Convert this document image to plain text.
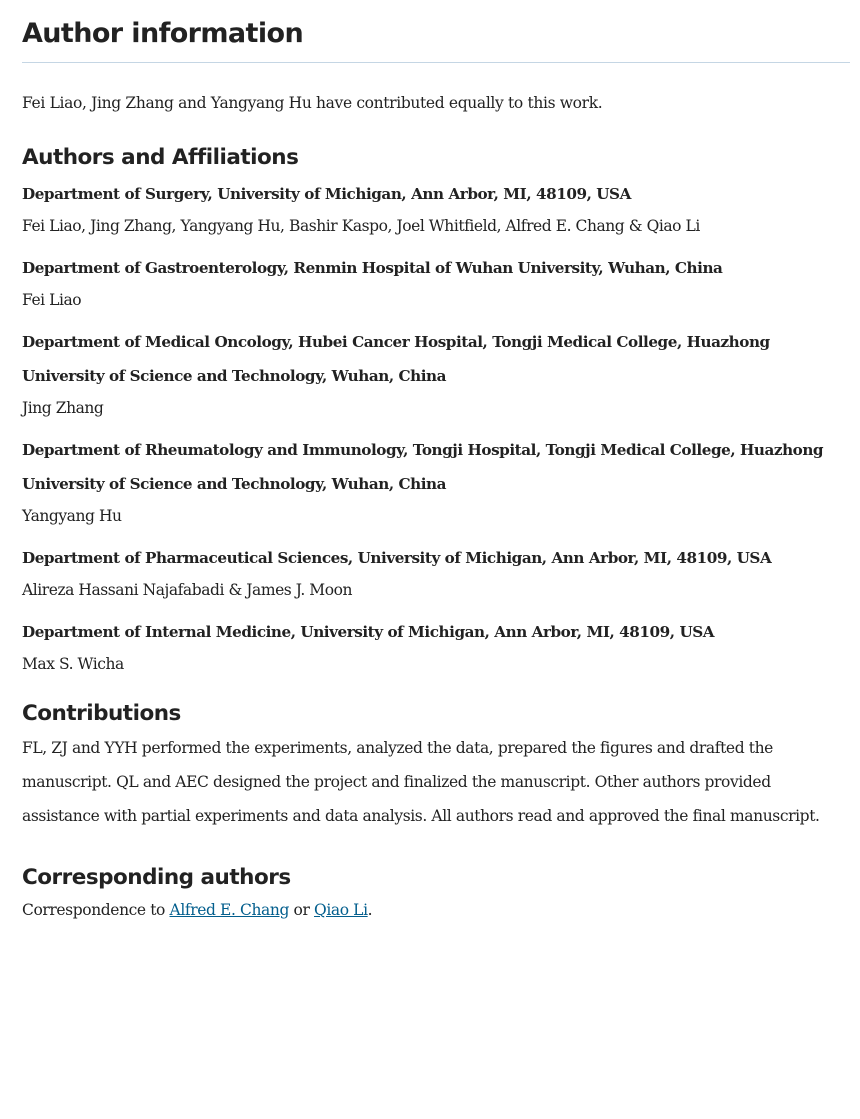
Author information

Fei Liao, Jing Zhang and Yangyang Hu have contributed equally to this work.

Authors and Affiliations

Department of Surgery, University of Michigan, Ann Arbor, MI, 48109, USA

Fei Liao, Jing Zhang, Yangyang Hu, Bashir Kaspo, Joel Whitfield, Alfred E. Chang & Qiao Li

Department of Gastroenterology, Renmin Hospital of Wuhan University, Wuhan, China

Fei Liao

Department of Medical Oncology, Hubei Cancer Hospital, Tongji Medical College, Huazhong University of Science and Technology, Wuhan, China

Jing Zhang

Department of Rheumatology and Immunology, Tongji Hospital, Tongji Medical College, Huazhong University of Science and Technology, Wuhan, China

Yangyang Hu

Department of Pharmaceutical Sciences, University of Michigan, Ann Arbor, MI, 48109, USA

Alireza Hassani Najafabadi & James J. Moon

Department of Internal Medicine, University of Michigan, Ann Arbor, MI, 48109, USA

Max S. Wicha

Contributions

FL, ZJ and YYH performed the experiments, analyzed the data, prepared the figures and drafted the manuscript. QL and AEC designed the project and finalized the manuscript. Other authors provided assistance with partial experiments and data analysis. All authors read and approved the final manuscript.

Corresponding authors

Correspondence to Alfred E. Chang or Qiao Li.
